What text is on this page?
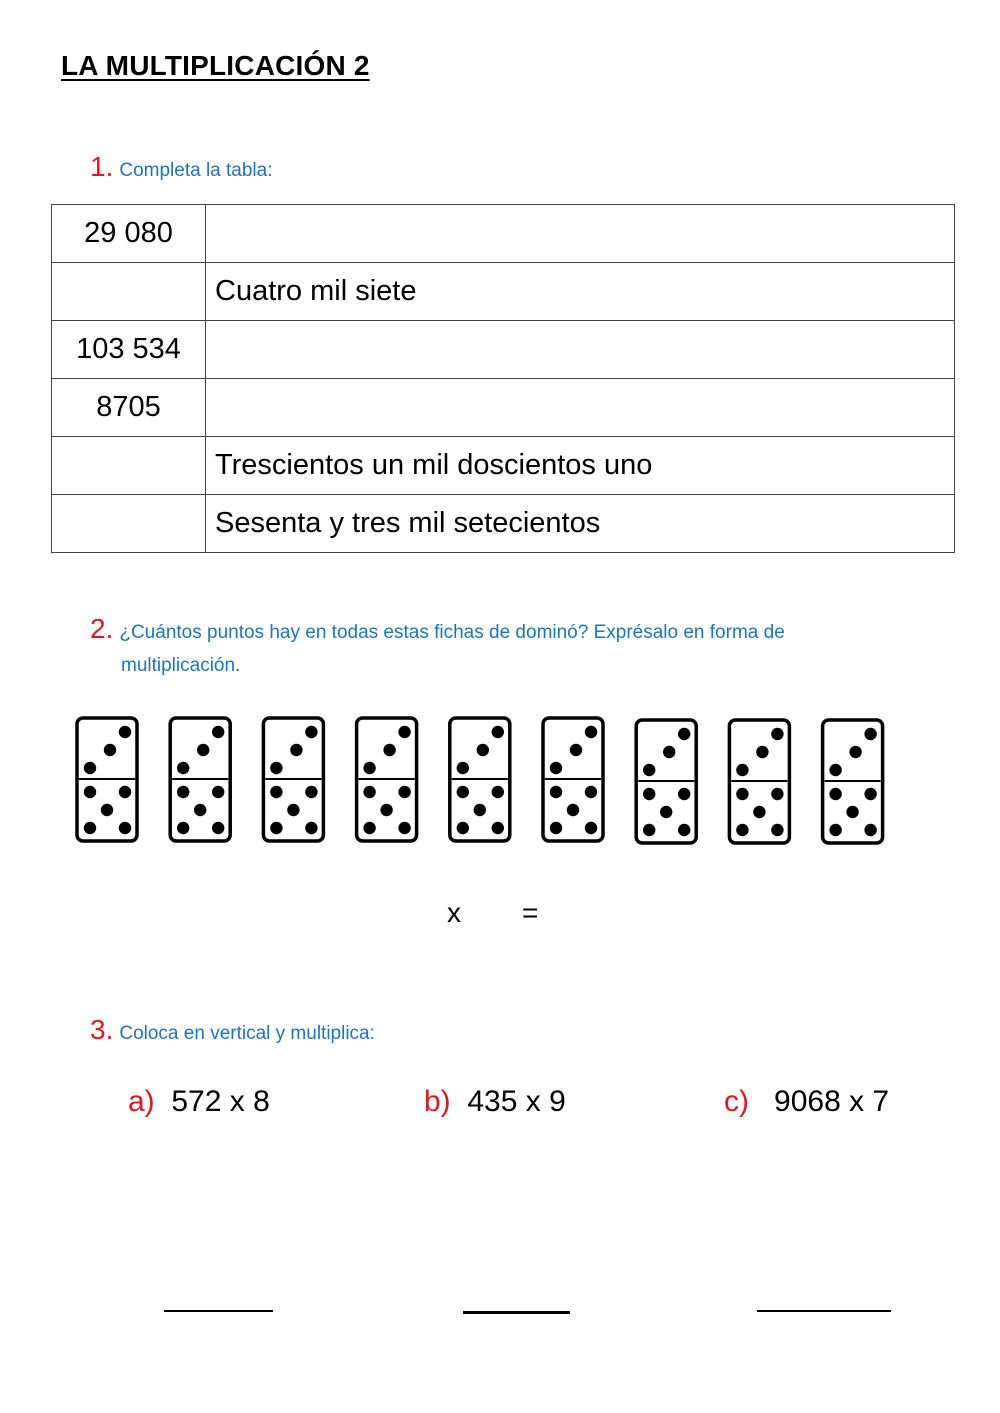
LA MULTIPLICACIÓN 2
1. Completa la tabla:
29 080	
	Cuatro mil siete
103 534	
8705	
	Trescientos un mil doscientos uno
	Sesenta y tres mil setecientos
2. ¿Cuántos puntos hay en todas estas fichas de dominó? Exprésalo en forma de
multiplicación.
x =
3. Coloca en vertical y multiplica:
a) 572 x 8	b) 435 x 9	c) 9068 x 7
